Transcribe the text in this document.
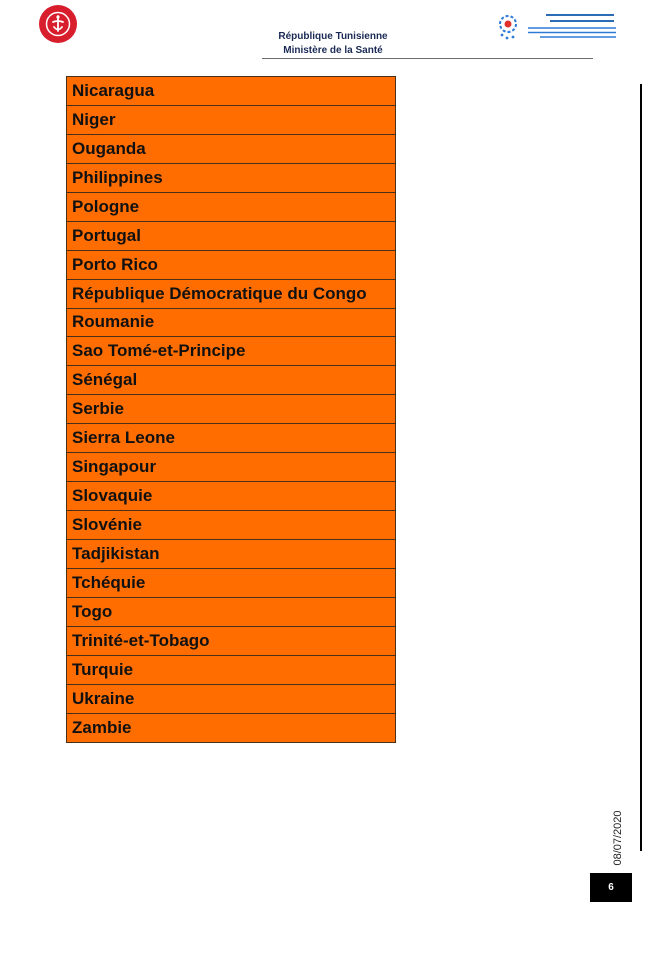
République Tunisienne
Ministère de la Santé
Nicaragua
Niger
Ouganda
Philippines
Pologne
Portugal
Porto Rico
République Démocratique du Congo
Roumanie
Sao Tomé-et-Principe
Sénégal
Serbie
Sierra Leone
Singapour
Slovaquie
Slovénie
Tadjikistan
Tchéquie
Togo
Trinité-et-Tobago
Turquie
Ukraine
Zambie
08/07/2020
6
